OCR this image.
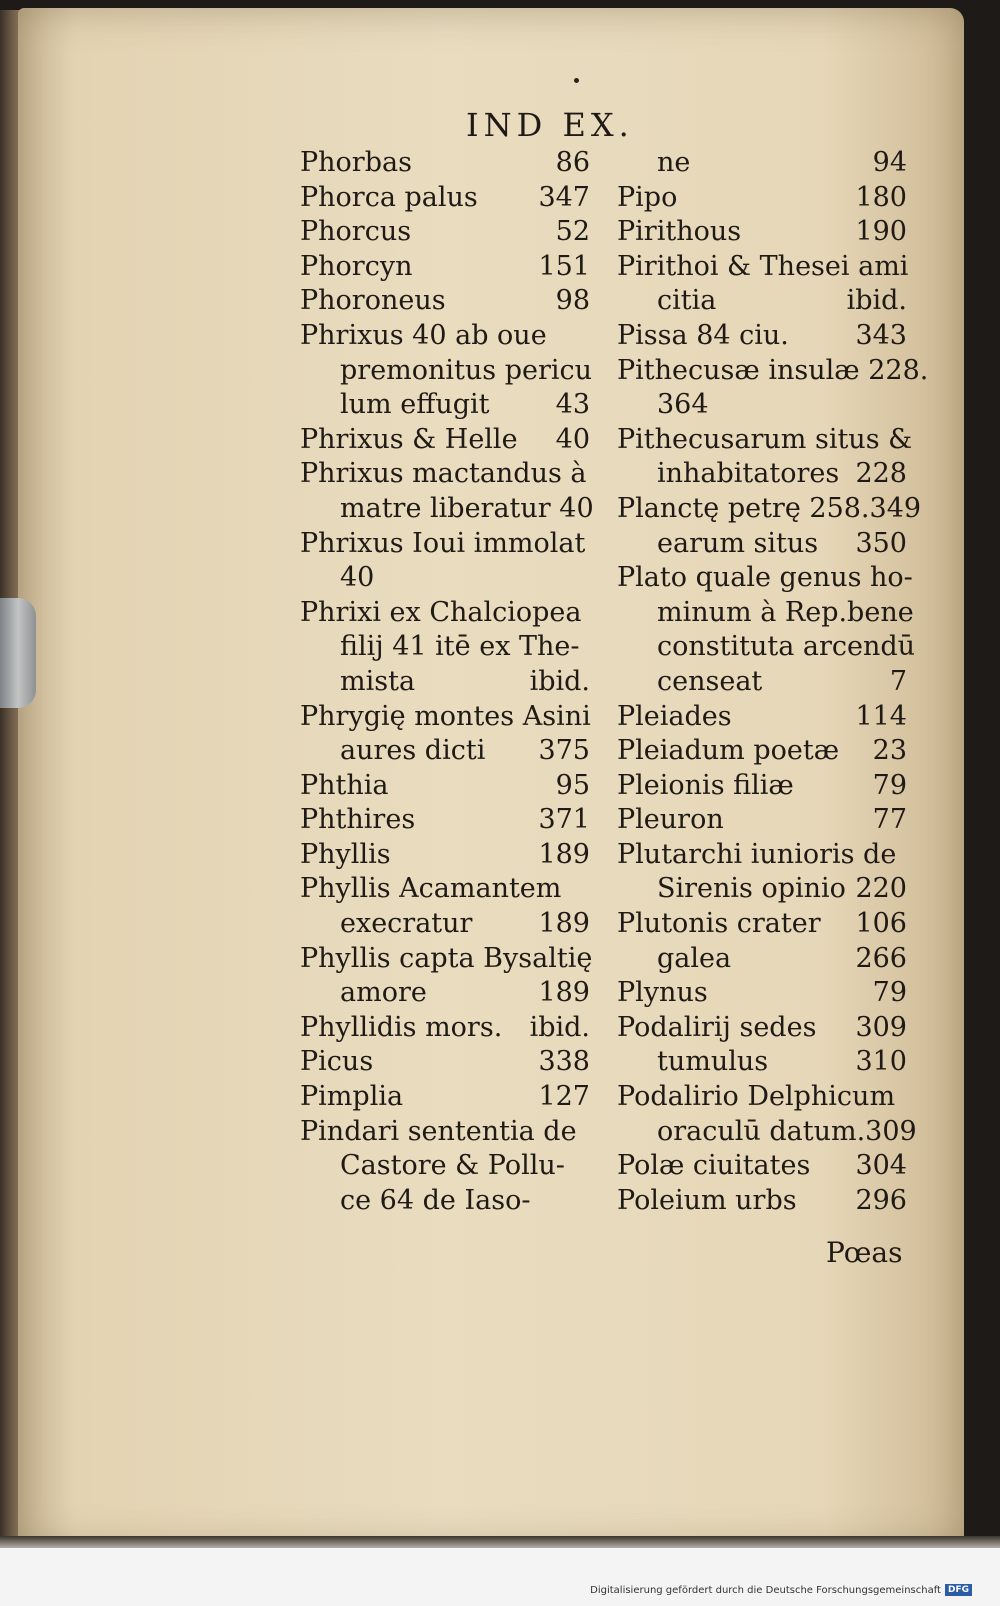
IND EX.
Phorbas	86
Phorca palus 347
Phorcus	52
Phorcyn	151
Phoroneus	98
Phrixus 40 ab oue
premonitus pericu
lum effugit 43
Phrixus & Helle 40
Phrixus mactandus à
matre liberatur 40
Phrixus Ioui immolat
40
Phrixi ex Chalciopea
filij 41 itē ex The-
mista	ibid.
Phrygię montes Asini
aures dicti 375
Phthia	95
Phthires	371
Phyllis	189
Phyllis Acamantem
execratur 189
Phyllis capta Bysaltię
amore	189
Phyllidis mors. ibid.
Picus	338
Pimplia	127
Pindari sententia de
Castore & Pollu-
ce 64 de Iaso-
ne	94
Pipo	180
Pirithous	190
Pirithoi & Thesei ami
citia	ibid.
Pissa 84 ciu. 343
Pithecusæ insulæ 228.
364
Pithecusarum situs &
inhabitatores 228
Planctę petrę 258.349
earum situs 350
Plato quale genus ho-
minum à Rep.bene
constituta arcendū
censeat	7
Pleiades	114
Pleiadum poetæ 23
Pleionis filiæ	79
Pleuron	77
Plutarchi iunioris de
Sirenis opinio 220
Plutonis crater 106
galea	266
Plynus	79
Podalirij sedes 309
tumulus	310
Podalirio Delphicum
oraculū datum.309
Polæ ciuitates 304
Poleium urbs 296
Pœas
Digitalisierung gefördert durch die Deutsche Forschungsgemeinschaft DFG
